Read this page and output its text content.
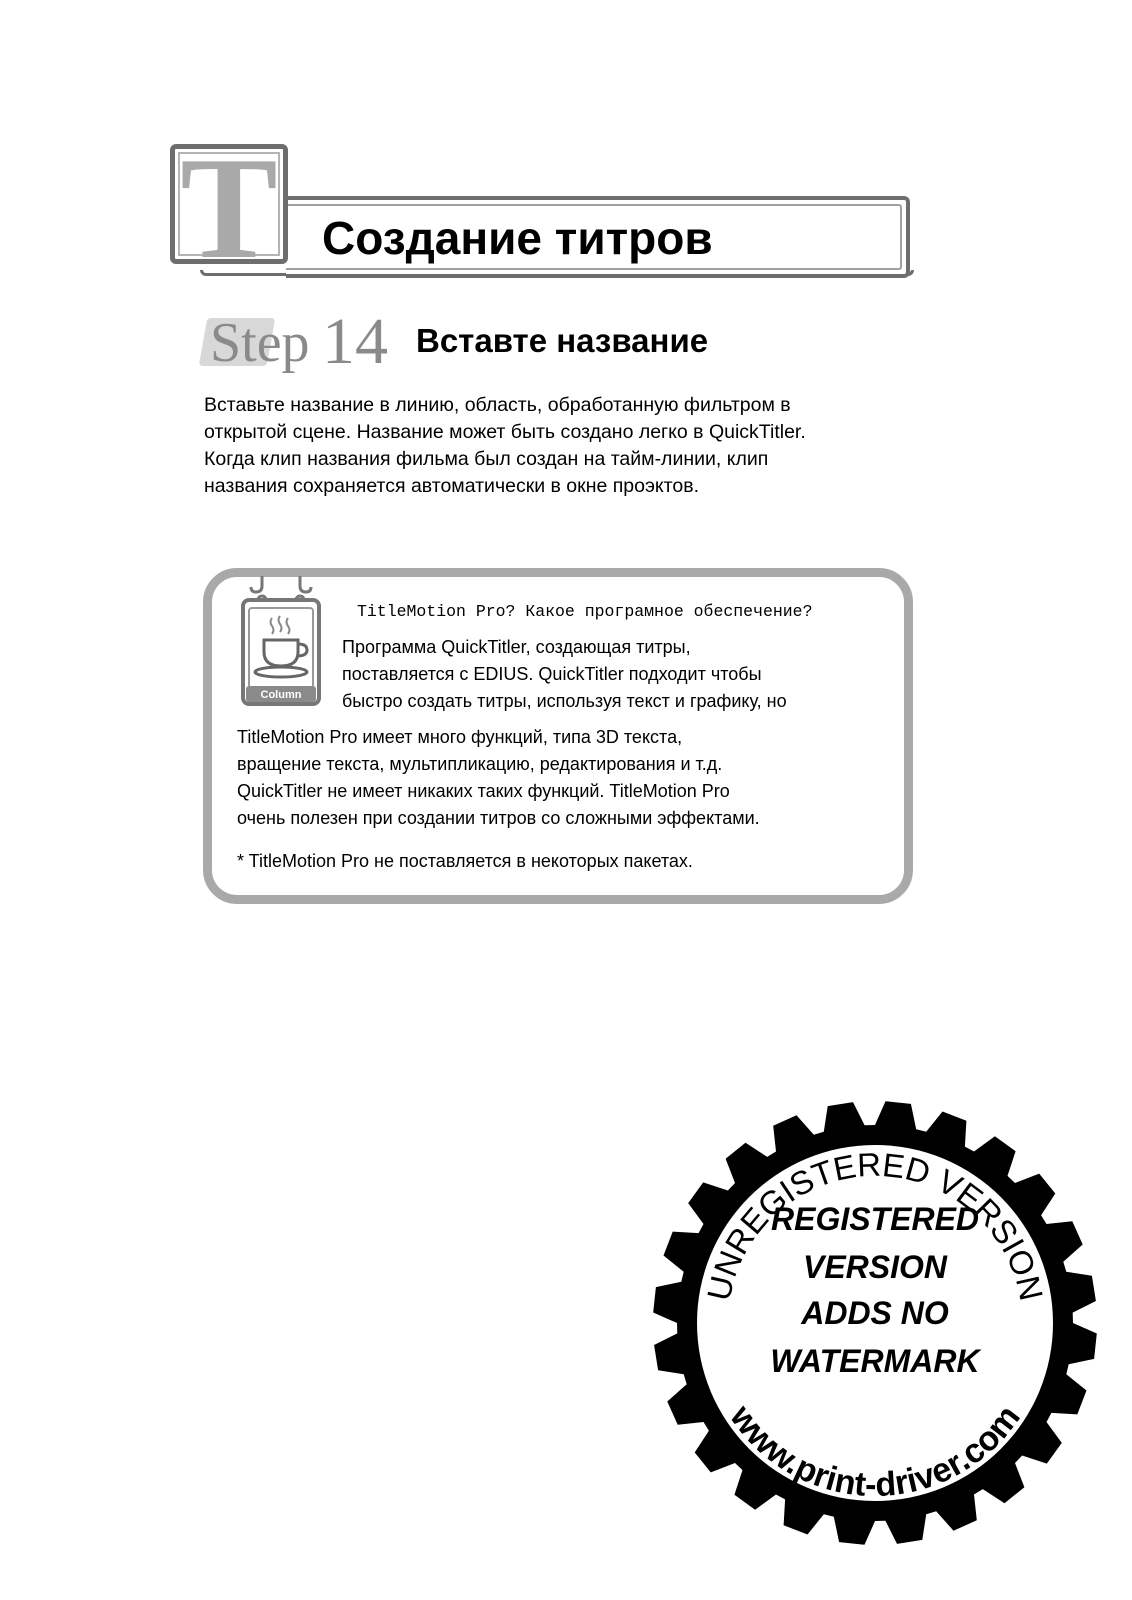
T Создание титров
Step 14 Вставте название
Вставьте название в линию, область, обработанную фильтром в
открытой сцене. Название может быть создано легко в QuickTitler.
Когда клип названия фильма был создан на тайм-линии, клип
названия сохраняется автоматически в окне проэктов.
Column
TitleMotion Pro? Какое програмное обеспечение?
Программа QuickTitler, создающая титры,
поставляется с EDIUS. QuickTitler подходит чтобы
быстро создать титры, используя текст и графику, но
TitleMotion Pro имеет много функций, типа 3D текста,
вращение текста, мультипликацию, редактирования и т.д.
QuickTitler не имеет никаких таких функций. TitleMotion Pro
очень полезен при создании титров со сложными эффектами.
* TitleMotion Pro не поставляется в некоторых пакетах.
UNREGISTERED VERSION
REGISTERED
VERSION
ADDS NO
WATERMARK
www.print-driver.com
